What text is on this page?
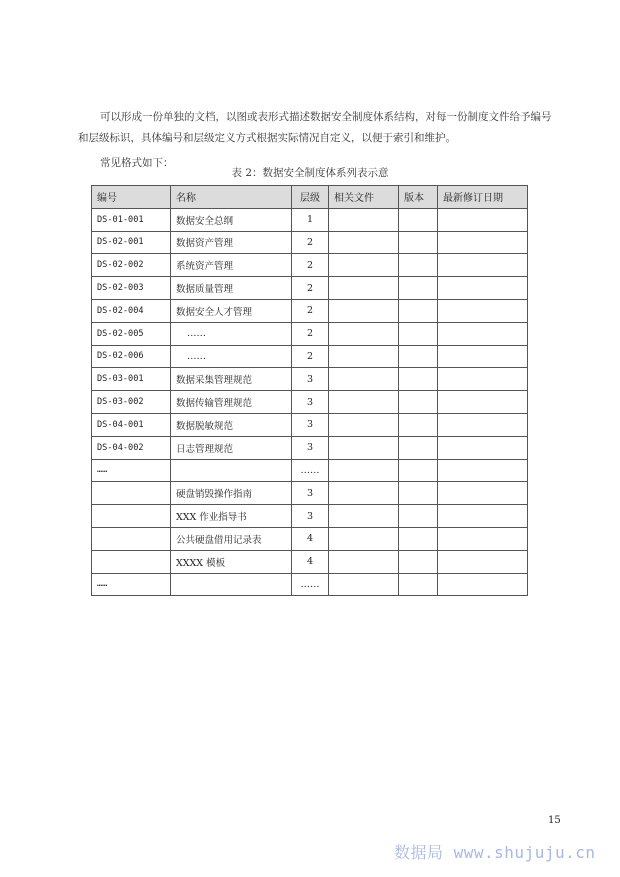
可以形成一份单独的文档，以图或表形式描述数据安全制度体系结构，对每一份制度文件给予编号和层级标识，具体编号和层级定义方式根据实际情况自定义，以便于索引和维护。

常见格式如下：

表 2：数据安全制度体系列表示意
编号	名称	层级	相关文件	版本	最新修订日期
DS-01-001	数据安全总纲	1			
DS-02-001	数据资产管理	2			
DS-02-002	系统资产管理	2			
DS-02-003	数据质量管理	2			
DS-02-004	数据安全人才管理	2			
DS-02-005	……	2			
DS-02-006	……	2			
DS-03-001	数据采集管理规范	3			
DS-03-002	数据传输管理规范	3			
DS-04-001	数据脱敏规范	3			
DS-04-002	日志管理规范	3			
……		……			
	硬盘销毁操作指南	3			
	XXX 作业指导书	3			
	公共硬盘借用记录表	4			
	XXXX 模板	4			
……		……			
15
数据局 www.shujuju.cn
